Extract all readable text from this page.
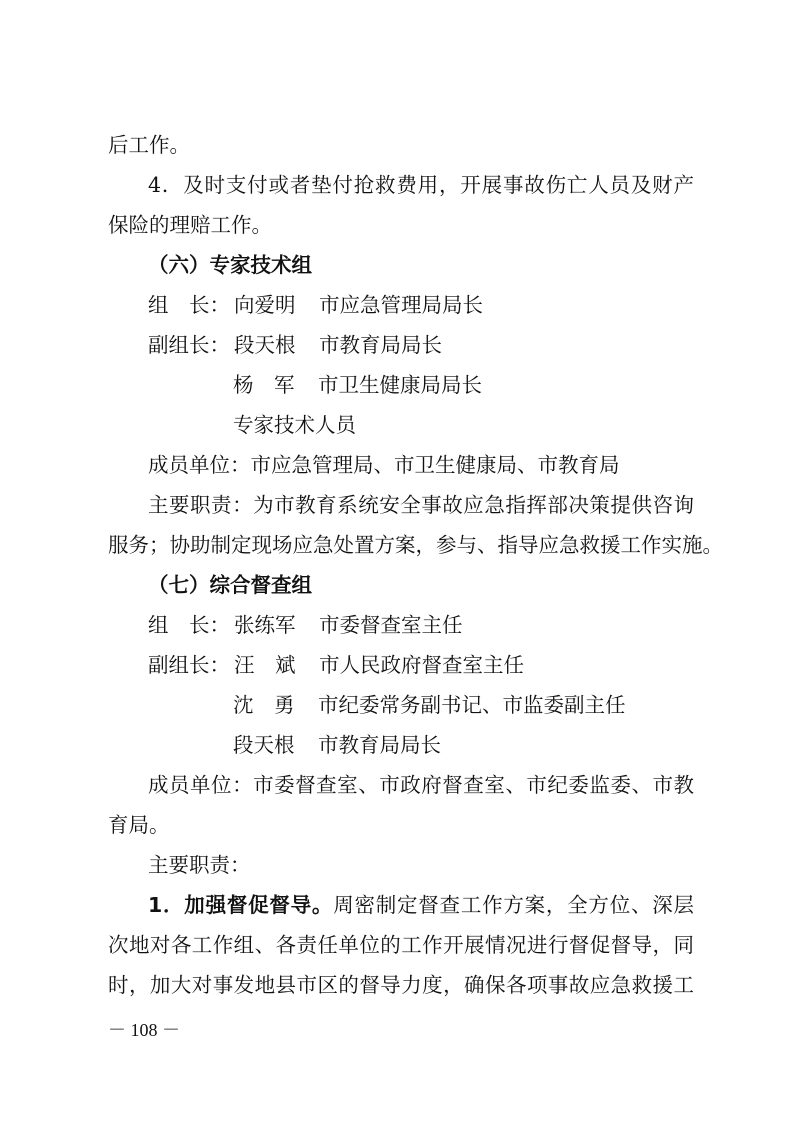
后工作。

4．及时支付或者垫付抢救费用，开展事故伤亡人员及财产

保险的理赔工作。

（六）专家技术组

组　长： 向爱明 市应急管理局局长
副组长： 段天根 市教育局局长
杨　军 市卫生健康局局长

专家技术人员

成员单位：市应急管理局、市卫生健康局、市教育局

主要职责：为市教育系统安全事故应急指挥部决策提供咨询

服务；协助制定现场应急处置方案，参与、指导应急救援工作实施。

（七）综合督查组

组　长： 张练军 市委督查室主任
副组长： 汪　斌 市人民政府督查室主任
沈　勇 市纪委常务副书记、市监委副主任
段天根 市教育局局长

成员单位：市委督查室、市政府督查室、市纪委监委、市教

育局。

主要职责：

1．加强督促督导。周密制定督查工作方案，全方位、深层

次地对各工作组、各责任单位的工作开展情况进行督促督导，同

时，加大对事发地县市区的督导力度，确保各项事故应急救援工

－ 108 －
